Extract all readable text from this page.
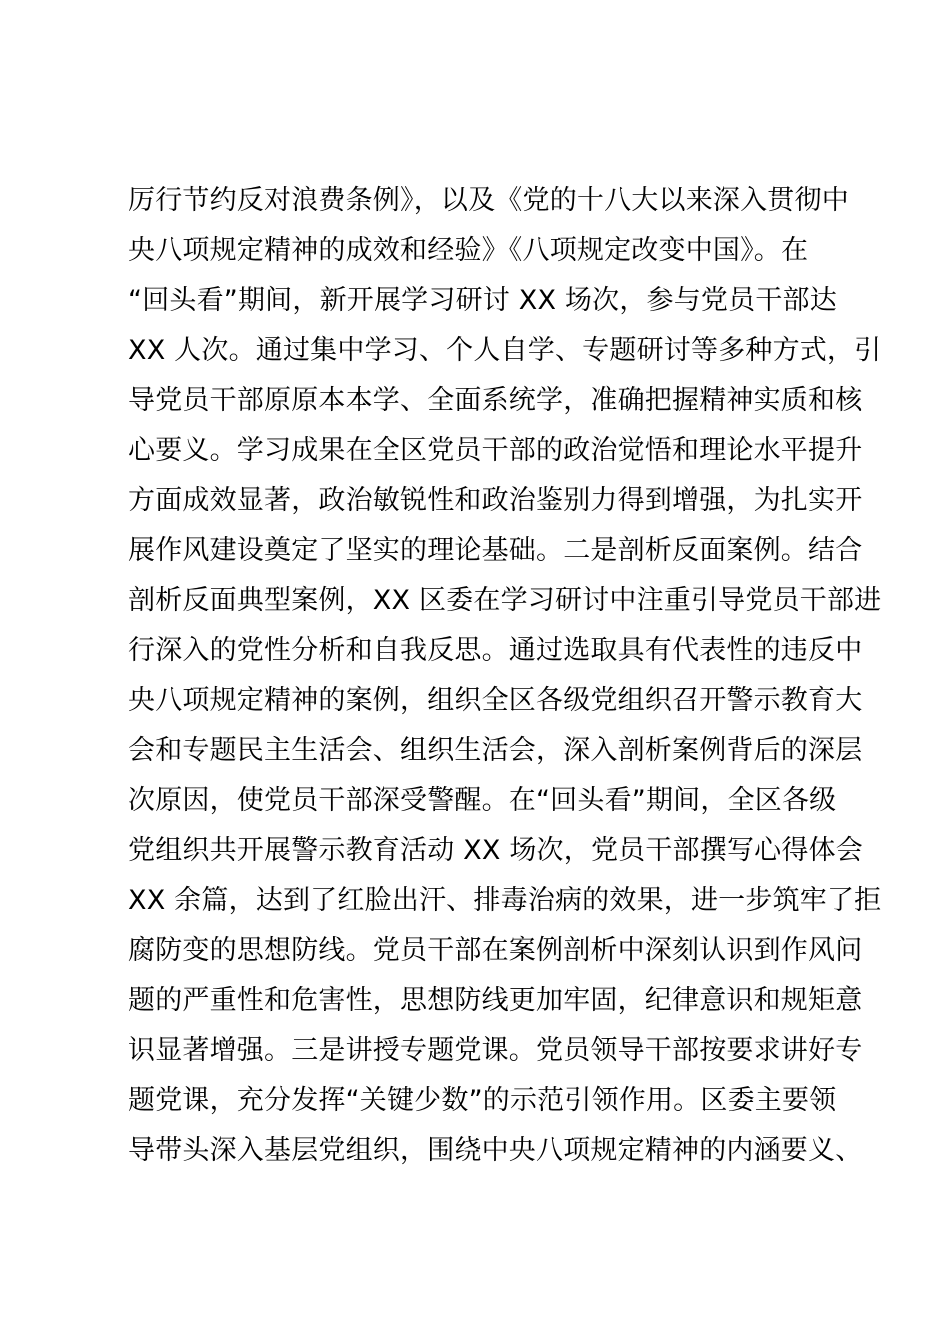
厉行节约反对浪费条例》，以及《党的十八大以来深入贯彻中
央八项规定精神的成效和经验》《八项规定改变中国》。在
“回头看”期间，新开展学习研讨 XX 场次，参与党员干部达
XX 人次。通过集中学习、个人自学、专题研讨等多种方式，引
导党员干部原原本本学、全面系统学，准确把握精神实质和核
心要义。学习成果在全区党员干部的政治觉悟和理论水平提升
方面成效显著，政治敏锐性和政治鉴别力得到增强，为扎实开
展作风建设奠定了坚实的理论基础。二是剖析反面案例。结合
剖析反面典型案例，XX 区委在学习研讨中注重引导党员干部进
行深入的党性分析和自我反思。通过选取具有代表性的违反中
央八项规定精神的案例，组织全区各级党组织召开警示教育大
会和专题民主生活会、组织生活会，深入剖析案例背后的深层
次原因，使党员干部深受警醒。在“回头看”期间，全区各级
党组织共开展警示教育活动 XX 场次，党员干部撰写心得体会
XX 余篇，达到了红脸出汗、排毒治病的效果，进一步筑牢了拒
腐防变的思想防线。党员干部在案例剖析中深刻认识到作风问
题的严重性和危害性，思想防线更加牢固，纪律意识和规矩意
识显著增强。三是讲授专题党课。党员领导干部按要求讲好专
题党课，充分发挥“关键少数”的示范引领作用。区委主要领
导带头深入基层党组织，围绕中央八项规定精神的内涵要义、
